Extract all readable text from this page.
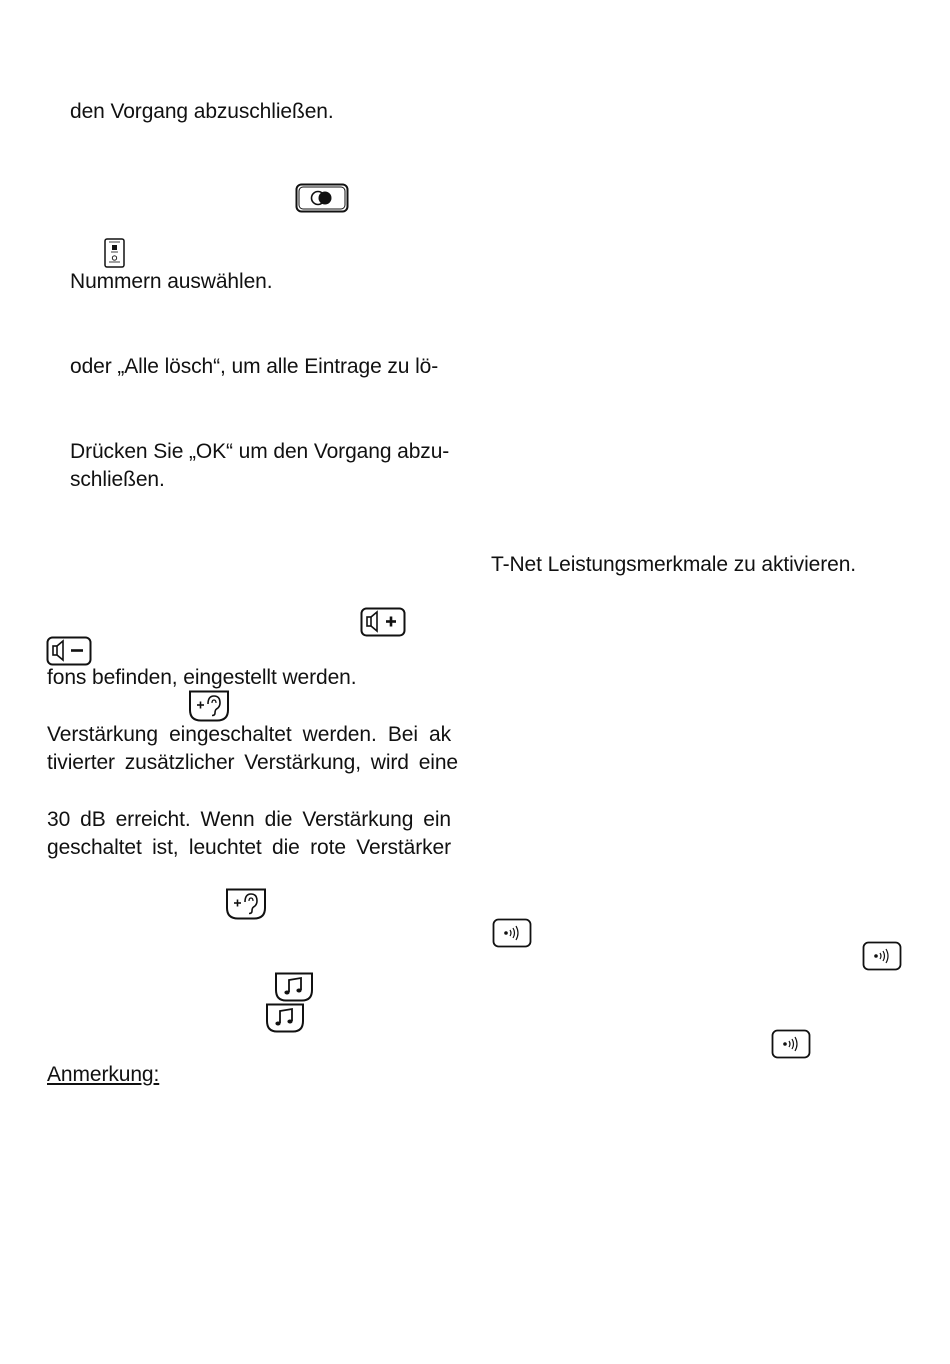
den Vorgang abzuschließen.
Nummern auswählen.
oder „Alle lösch“, um alle Eintrage zu lö-
Drücken Sie „OK“ um den Vorgang abzu-
schließen.
fons befinden, eingestellt werden.
Verstärkung eingeschaltet werden. Bei ak
tivierter zusätzlicher Verstärkung, wird eine
30 dB erreicht. Wenn die Verstärkung ein
geschaltet ist, leuchtet die rote Verstärker
Anmerkung:
T-Net Leistungsmerkmale zu aktivieren.
